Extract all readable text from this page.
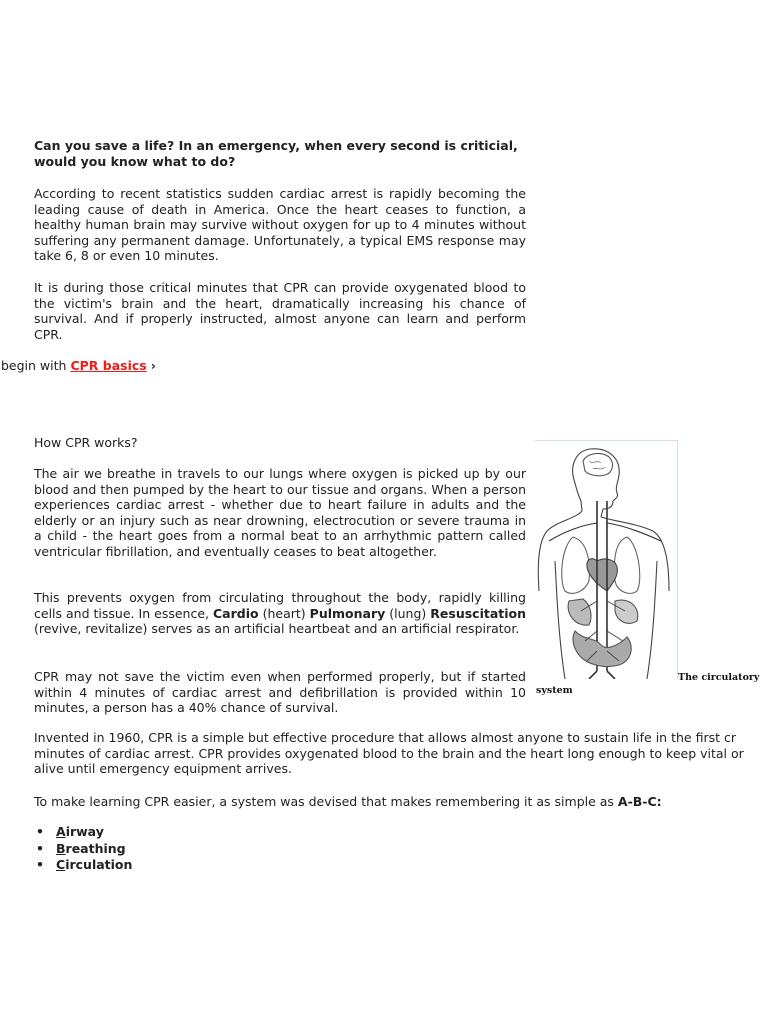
Can you save a life? In an emergency, when every second is criticial, would you know what to do?

According to recent statistics sudden cardiac arrest is rapidly becoming the leading cause of death in America. Once the heart ceases to function, a healthy human brain may survive without oxygen for up to 4 minutes without suffering any permanent damage. Unfortunately, a typical EMS response may take 6, 8 or even 10 minutes.

It is during those critical minutes that CPR can provide oxygenated blood to the victim's brain and the heart, dramatically increasing his chance of survival. And if properly instructed, almost anyone can learn and perform CPR.

begin with CPR basics ›

How CPR works?

The air we breathe in travels to our lungs where oxygen is picked up by our blood and then pumped by the heart to our tissue and organs. When a person experiences cardiac arrest - whether due to heart failure in adults and the elderly or an injury such as near drowning, electrocution or severe trauma in a child - the heart goes from a normal beat to an arrhythmic pattern called ventricular fibrillation, and eventually ceases to beat altogether.

This prevents oxygen from circulating throughout the body, rapidly killing cells and tissue. In essence, Cardio (heart) Pulmonary (lung) Resuscitation (revive, revitalize) serves as an artificial heartbeat and an artificial respirator.

CPR may not save the victim even when performed properly, but if started within 4 minutes of cardiac arrest and defibrillation is provided within 10 minutes, a person has a 40% chance of survival.

The circulatory
system
Invented in 1960, CPR is a simple but effective procedure that allows almost anyone to sustain life in the first cr
minutes of cardiac arrest. CPR provides oxygenated blood to the brain and the heart long enough to keep vital or
alive until emergency equipment arrives.

To make learning CPR easier, a system was devised that makes remembering it as simple as A-B-C:

• Airway
• Breathing
• Circulation
